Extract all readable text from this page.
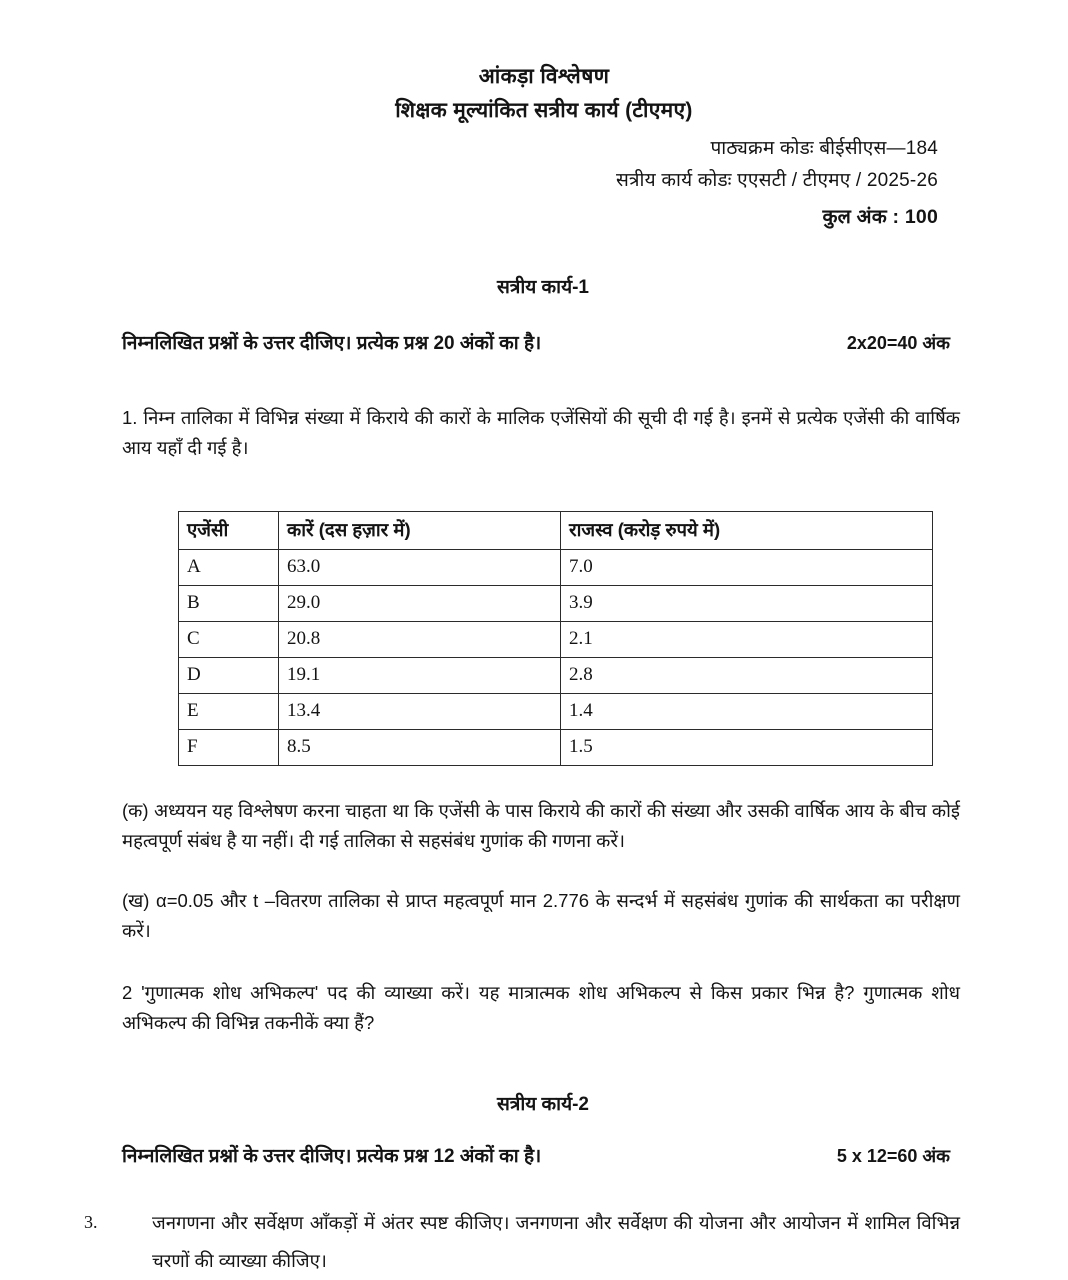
आंकड़ा विश्लेषण
शिक्षक मूल्यांकित सत्रीय कार्य (टीएमए)
पाठ्यक्रम कोडः बीईसीएस—184
सत्रीय कार्य कोडः एएसटी / टीएमए / 2025-26
कुल अंक : 100
सत्रीय कार्य-1
निम्नलिखित प्रश्नों के उत्तर दीजिए। प्रत्येक प्रश्न 20 अंकों का है।	2x20=40 अंक

1. निम्न तालिका में विभिन्न संख्या में किराये की कारों के मालिक एजेंसियों की सूची दी गई है। इनमें से प्रत्येक एजेंसी की वार्षिक आय यहाँ दी गई है।

एजेंसी	कारें (दस हज़ार में)	राजस्व (करोड़ रुपये में)
A	63.0	7.0
B	29.0	3.9
C	20.8	2.1
D	19.1	2.8
E	13.4	1.4
F	8.5	1.5

(क) अध्ययन यह विश्लेषण करना चाहता था कि एजेंसी के पास किराये की कारों की संख्या और उसकी वार्षिक आय के बीच कोई महत्वपूर्ण संबंध है या नहीं। दी गई तालिका से सहसंबंध गुणांक की गणना करें।

(ख) α=0.05 और t –वितरण तालिका से प्राप्त महत्वपूर्ण मान 2.776 के सन्दर्भ में सहसंबंध गुणांक की सार्थकता का परीक्षण करें।

2 'गुणात्मक शोध अभिकल्प' पद की व्याख्या करें। यह मात्रात्मक शोध अभिकल्प से किस प्रकार भिन्न है? गुणात्मक शोध अभिकल्प की विभिन्न तकनीकें क्या हैं?

सत्रीय कार्य-2
निम्नलिखित प्रश्नों के उत्तर दीजिए। प्रत्येक प्रश्न 12 अंकों का है।	5 x 12=60 अंक
3.	जनगणना और सर्वेक्षण आँकड़ों में अंतर स्पष्ट कीजिए। जनगणना और सर्वेक्षण की योजना और आयोजन में शामिल विभिन्न चरणों की व्याख्या कीजिए।
